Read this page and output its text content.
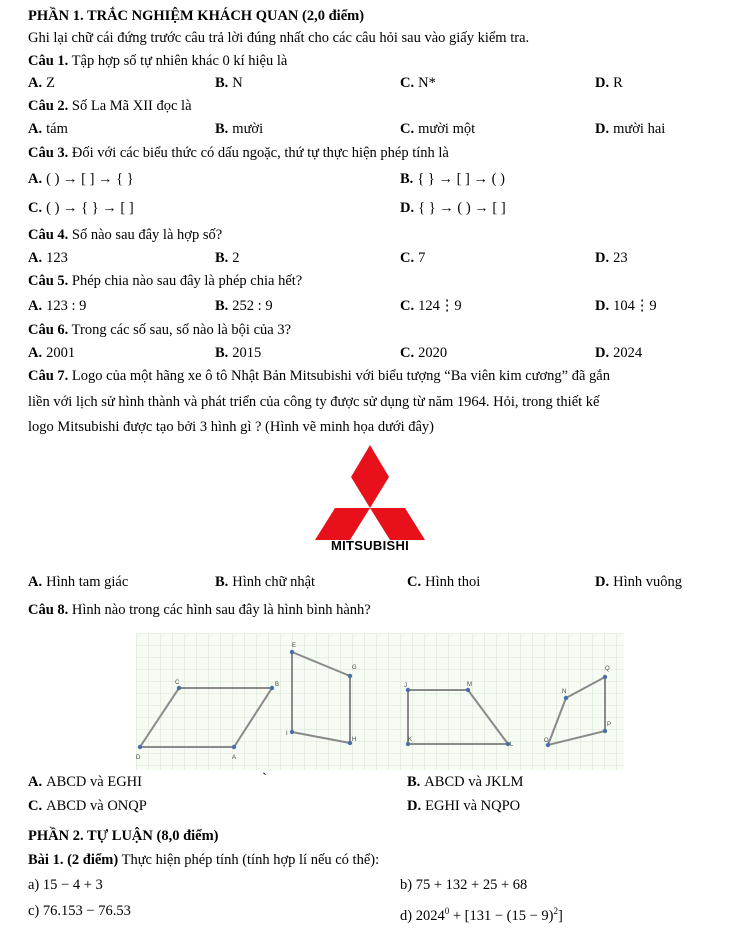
PHẦN 1. TRẮC NGHIỆM KHÁCH QUAN (2,0 điểm)
Ghi lại chữ cái đứng trước câu trả lời đúng nhất cho các câu hỏi sau vào giấy kiểm tra.
Câu 1. Tập hợp số tự nhiên khác 0 kí hiệu là
A. Z	B. N	C. N*	D. R
Câu 2. Số La Mã XII đọc là
A. tám	B. mười	C. mười một	D. mười hai
Câu 3. Đối với các biểu thức có dấu ngoặc, thứ tự thực hiện phép tính là
A. ( ) → [ ] → { }	B. { } → [ ] → ( )
C. ( ) → { } → [ ]	D. { } → ( ) → [ ]
Câu 4. Số nào sau đây là hợp số?
A. 123	B. 2	C. 7	D. 23
Câu 5. Phép chia nào sau đây là phép chia hết?
A. 123 : 9	B. 252 : 9	C. 124⋮9	D. 104⋮9
Câu 6. Trong các số sau, số nào là bội của 3?
A. 2001	B. 2015	C. 2020	D. 2024
Câu 7. Logo của một hãng xe ô tô Nhật Bản Mitsubishi với biểu tượng “Ba viên kim cương” đã gắn
liền với lịch sử hình thành và phát triển của công ty được sử dụng từ năm 1964. Hỏi, trong thiết kế
logo Mitsubishi được tạo bởi 3 hình gì ? (Hình vẽ minh họa dưới đây)
MITSUBISHI
A. Hình tam giác	B. Hình chữ nhật	C. Hình thoi	D. Hình vuông
Câu 8. Hình nào trong các hình sau đây là hình bình hành?
A
B
C
D
E
G
H
I
J	M
L
K
N
Q
P
O
A. ABCD và EGHI	`	B. ABCD và JKLM
C. ABCD và ONQP	D. EGHI và NQPO
PHẦN 2. TỰ LUẬN (8,0 điểm)
Bài 1. (2 điểm) Thực hiện phép tính (tính hợp lí nếu có thể):
a) 15 − 4 + 3	b) 75 + 132 + 25 + 68
c) 76.153 − 76.53	d) $2024^0 + [131 - (15 - 9)^2]$
